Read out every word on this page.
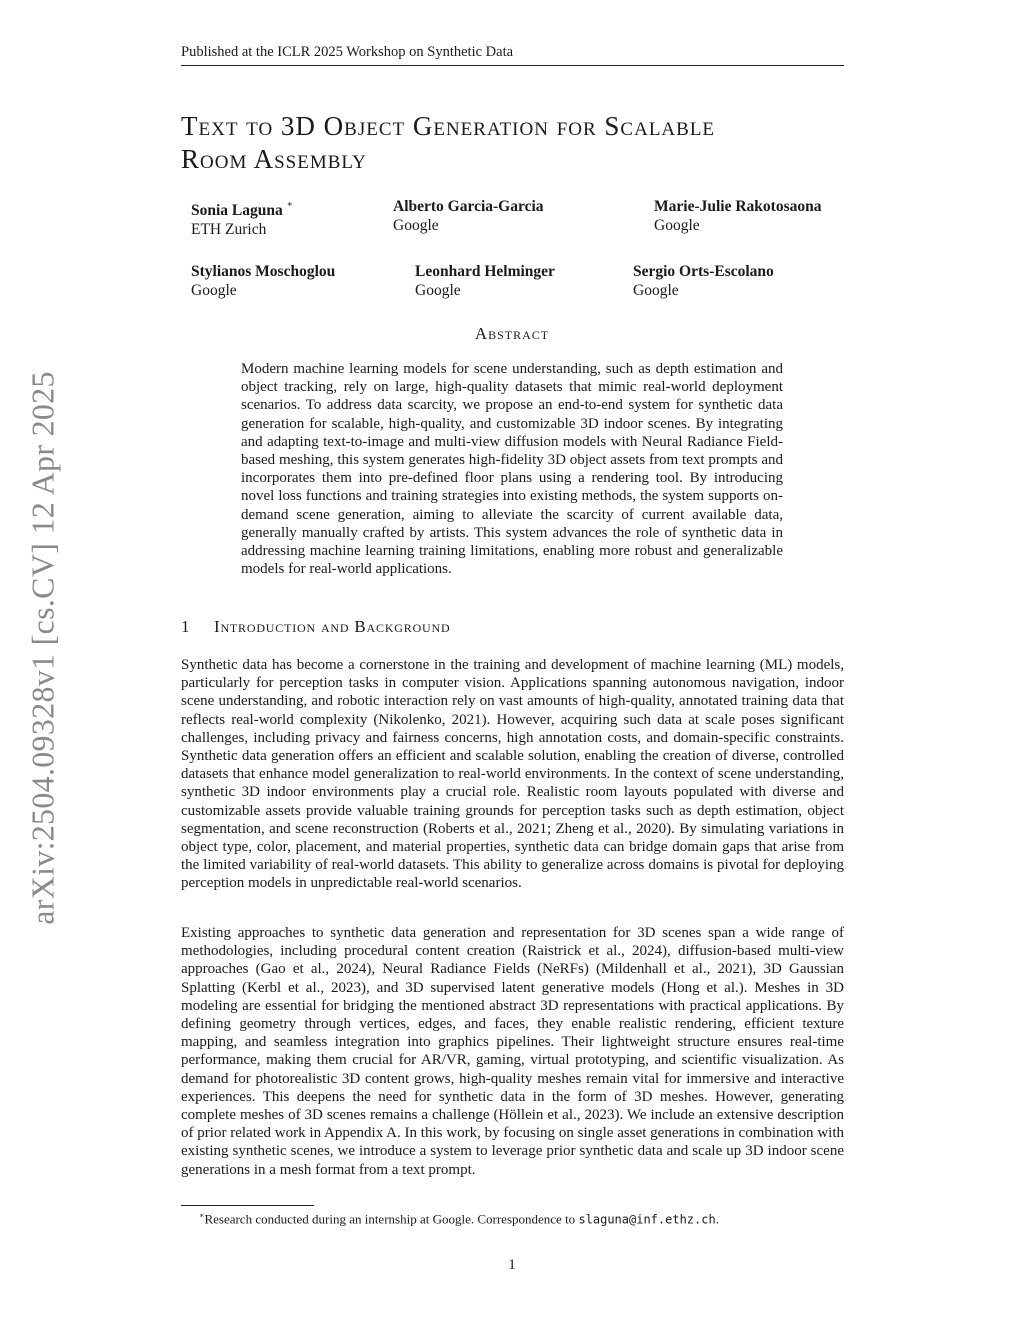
Published at the ICLR 2025 Workshop on Synthetic Data
Text to 3D Object Generation for Scalable
Room Assembly
Sonia Laguna ∗
ETH Zurich
Alberto Garcia-Garcia
Google
Marie-Julie Rakotosaona
Google
Stylianos Moschoglou
Google
Leonhard Helminger
Google
Sergio Orts-Escolano
Google
Abstract
Modern machine learning models for scene understanding, such as depth estimation and object tracking, rely on large, high-quality datasets that mimic real-world deployment scenarios. To address data scarcity, we propose an end-to-end system for synthetic data generation for scalable, high-quality, and customizable 3D indoor scenes. By integrating and adapting text-to-image and multi-view diffusion models with Neural Radiance Field-based meshing, this system generates high-fidelity 3D object assets from text prompts and incorporates them into pre-defined floor plans using a rendering tool. By introducing novel loss functions and training strategies into existing methods, the system supports on-demand scene generation, aiming to alleviate the scarcity of current available data, generally manually crafted by artists. This system advances the role of synthetic data in addressing machine learning training limitations, enabling more robust and generalizable models for real-world applications.
1 Introduction and Background
Synthetic data has become a cornerstone in the training and development of machine learning (ML) models, particularly for perception tasks in computer vision. Applications spanning autonomous navigation, indoor scene understanding, and robotic interaction rely on vast amounts of high-quality, annotated training data that reflects real-world complexity (Nikolenko, 2021). However, acquiring such data at scale poses significant challenges, including privacy and fairness concerns, high annotation costs, and domain-specific constraints. Synthetic data generation offers an efficient and scalable solution, enabling the creation of diverse, controlled datasets that enhance model generalization to real-world environments. In the context of scene understanding, synthetic 3D indoor environments play a crucial role. Realistic room layouts populated with diverse and customizable assets provide valuable training grounds for perception tasks such as depth estimation, object segmentation, and scene reconstruction (Roberts et al., 2021; Zheng et al., 2020). By simulating variations in object type, color, placement, and material properties, synthetic data can bridge domain gaps that arise from the limited variability of real-world datasets. This ability to generalize across domains is pivotal for deploying perception models in unpredictable real-world scenarios.
Existing approaches to synthetic data generation and representation for 3D scenes span a wide range of methodologies, including procedural content creation (Raistrick et al., 2024), diffusion-based multi-view approaches (Gao et al., 2024), Neural Radiance Fields (NeRFs) (Mildenhall et al., 2021), 3D Gaussian Splatting (Kerbl et al., 2023), and 3D supervised latent generative models (Hong et al.). Meshes in 3D modeling are essential for bridging the mentioned abstract 3D representations with practical applications. By defining geometry through vertices, edges, and faces, they enable realistic rendering, efficient texture mapping, and seamless integration into graphics pipelines. Their lightweight structure ensures real-time performance, making them crucial for AR/VR, gaming, virtual prototyping, and scientific visualization. As demand for photorealistic 3D content grows, high-quality meshes remain vital for immersive and interactive experiences. This deepens the need for synthetic data in the form of 3D meshes. However, generating complete meshes of 3D scenes remains a challenge (Höllein et al., 2023). We include an extensive description of prior related work in Appendix A. In this work, by focusing on single asset generations in combination with existing synthetic scenes, we introduce a system to leverage prior synthetic data and scale up 3D indoor scene generations in a mesh format from a text prompt.
∗Research conducted during an internship at Google. Correspondence to slaguna@inf.ethz.ch.
1
arXiv:2504.09328v1 [cs.CV] 12 Apr 2025
